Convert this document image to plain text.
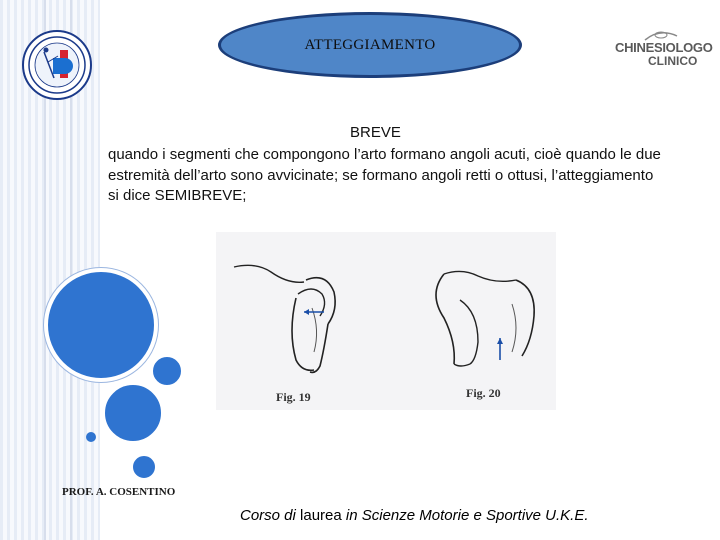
ATTEGGIAMENTO	CHINESIOLOGO
CLINICO
BREVE
quando i segmenti che compongono l’arto formano angoli acuti, cioè quando le due estremità dell’arto sono avvicinate; se formano angoli retti o ottusi, l’atteggiamento si dice SEMIBREVE;
Fig. 19	Fig. 20
PROF. A. COSENTINO
Corso di laurea in Scienze Motorie e Sportive U.K.E.
